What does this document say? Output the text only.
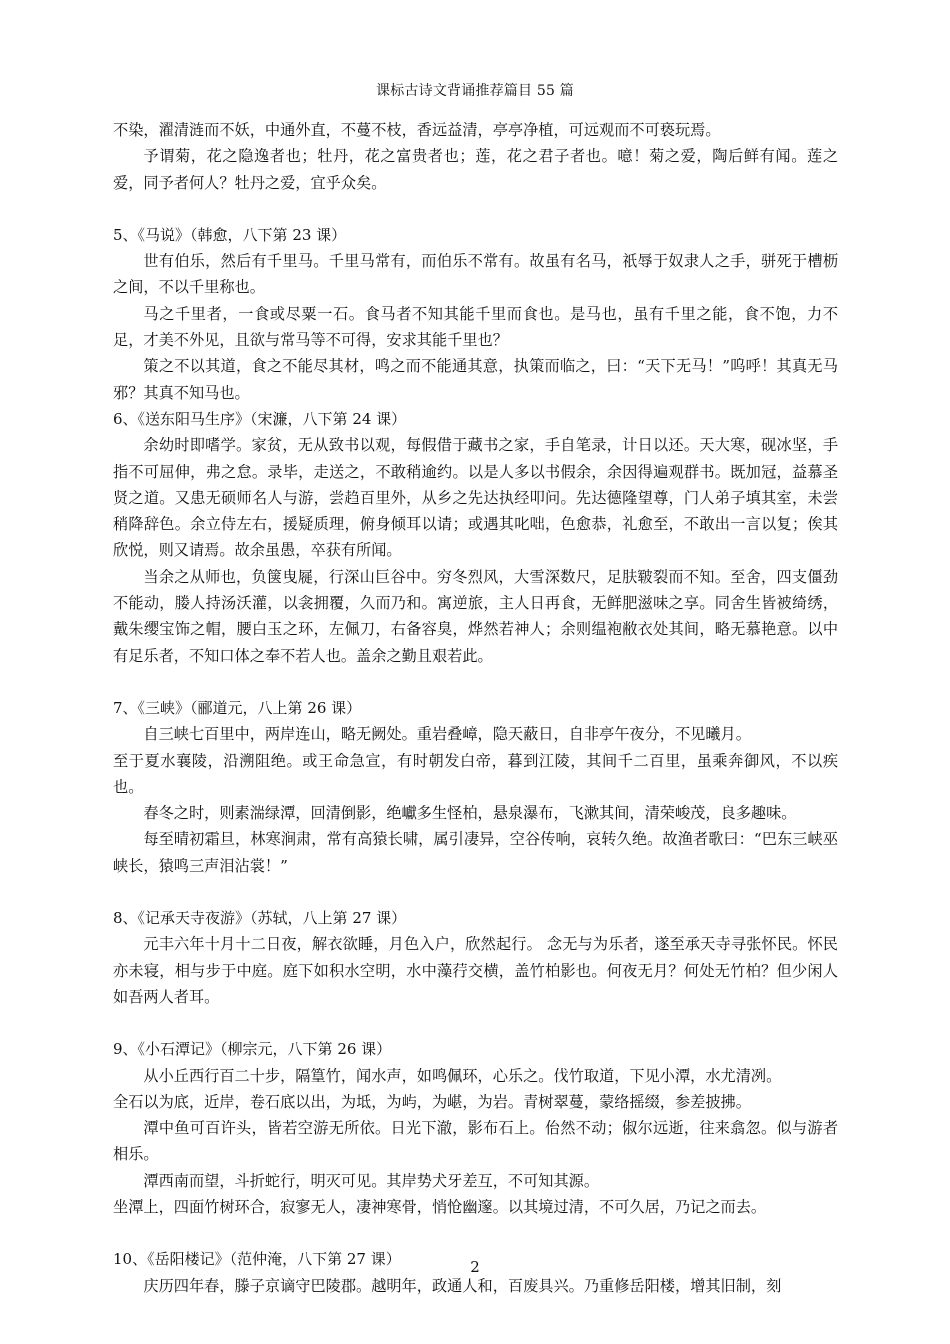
课标古诗文背诵推荐篇目 55 篇

不染，濯清涟而不妖，中通外直，不蔓不枝，香远益清，亭亭净植，可远观而不可亵玩焉。

予谓菊，花之隐逸者也；牡丹，花之富贵者也；莲，花之君子者也。噫！菊之爱，陶后鲜有闻。莲之爱，同予者何人？牡丹之爱，宜乎众矣。

5、《马说》（韩愈，八下第 23 课）

世有伯乐，然后有千里马。千里马常有，而伯乐不常有。故虽有名马，祇辱于奴隶人之手，骈死于槽枥之间，不以千里称也。

马之千里者，一食或尽粟一石。食马者不知其能千里而食也。是马也，虽有千里之能，食不饱，力不足，才美不外见，且欲与常马等不可得，安求其能千里也？

策之不以其道，食之不能尽其材，鸣之而不能通其意，执策而临之，曰：“天下无马！”呜呼！其真无马邪？其真不知马也。

6、《送东阳马生序》（宋濂，八下第 24 课）

余幼时即嗜学。家贫，无从致书以观，每假借于藏书之家，手自笔录，计日以还。天大寒，砚冰坚，手指不可屈伸，弗之怠。录毕，走送之，不敢稍逾约。以是人多以书假余，余因得遍观群书。既加冠，益慕圣贤之道。又患无硕师名人与游，尝趋百里外，从乡之先达执经叩问。先达德隆望尊，门人弟子填其室，未尝稍降辞色。余立侍左右，援疑质理，俯身倾耳以请；或遇其叱咄，色愈恭，礼愈至，不敢出一言以复；俟其欣悦，则又请焉。故余虽愚，卒获有所闻。

当余之从师也，负箧曳屣，行深山巨谷中。穷冬烈风，大雪深数尺，足肤皲裂而不知。至舍，四支僵劲不能动，媵人持汤沃灌，以衾拥覆，久而乃和。寓逆旅，主人日再食，无鲜肥滋味之享。同舍生皆被绮绣，戴朱缨宝饰之帽，腰白玉之环，左佩刀，右备容臭，烨然若神人；余则缊袍敝衣处其间，略无慕艳意。以中有足乐者，不知口体之奉不若人也。盖余之勤且艰若此。

7、《三峡》（郦道元，八上第 26 课）

自三峡七百里中，两岸连山，略无阙处。重岩叠嶂，隐天蔽日，自非亭午夜分，不见曦月。

至于夏水襄陵，沿溯阻绝。或王命急宣，有时朝发白帝，暮到江陵，其间千二百里，虽乘奔御风，不以疾也。

春冬之时，则素湍绿潭，回清倒影，绝巘多生怪柏，悬泉瀑布，飞漱其间，清荣峻茂，良多趣味。

每至晴初霜旦，林寒涧肃，常有高猿长啸，属引凄异，空谷传响，哀转久绝。故渔者歌曰：“巴东三峡巫峡长，猿鸣三声泪沾裳！”

8、《记承天寺夜游》（苏轼，八上第 27 课）

元丰六年十月十二日夜，解衣欲睡，月色入户，欣然起行。 念无与为乐者，遂至承天寺寻张怀民。怀民亦未寝，相与步于中庭。庭下如积水空明，水中藻荇交横，盖竹柏影也。何夜无月？何处无竹柏？但少闲人如吾两人者耳。

9、《小石潭记》（柳宗元，八下第 26 课）

从小丘西行百二十步，隔篁竹，闻水声，如鸣佩环，心乐之。伐竹取道，下见小潭，水尤清冽。

全石以为底，近岸，卷石底以出，为坻，为屿，为嵁，为岩。青树翠蔓，蒙络摇缀，参差披拂。

潭中鱼可百许头，皆若空游无所依。日光下澈，影布石上。佁然不动；俶尔远逝，往来翕忽。似与游者相乐。

潭西南而望，斗折蛇行，明灭可见。其岸势犬牙差互，不可知其源。

坐潭上，四面竹树环合，寂寥无人，凄神寒骨，悄怆幽邃。以其境过清，不可久居，乃记之而去。

10、《岳阳楼记》（范仲淹，八下第 27 课）

庆历四年春，滕子京谪守巴陵郡。越明年，政通人和，百废具兴。乃重修岳阳楼，增其旧制，刻

2
